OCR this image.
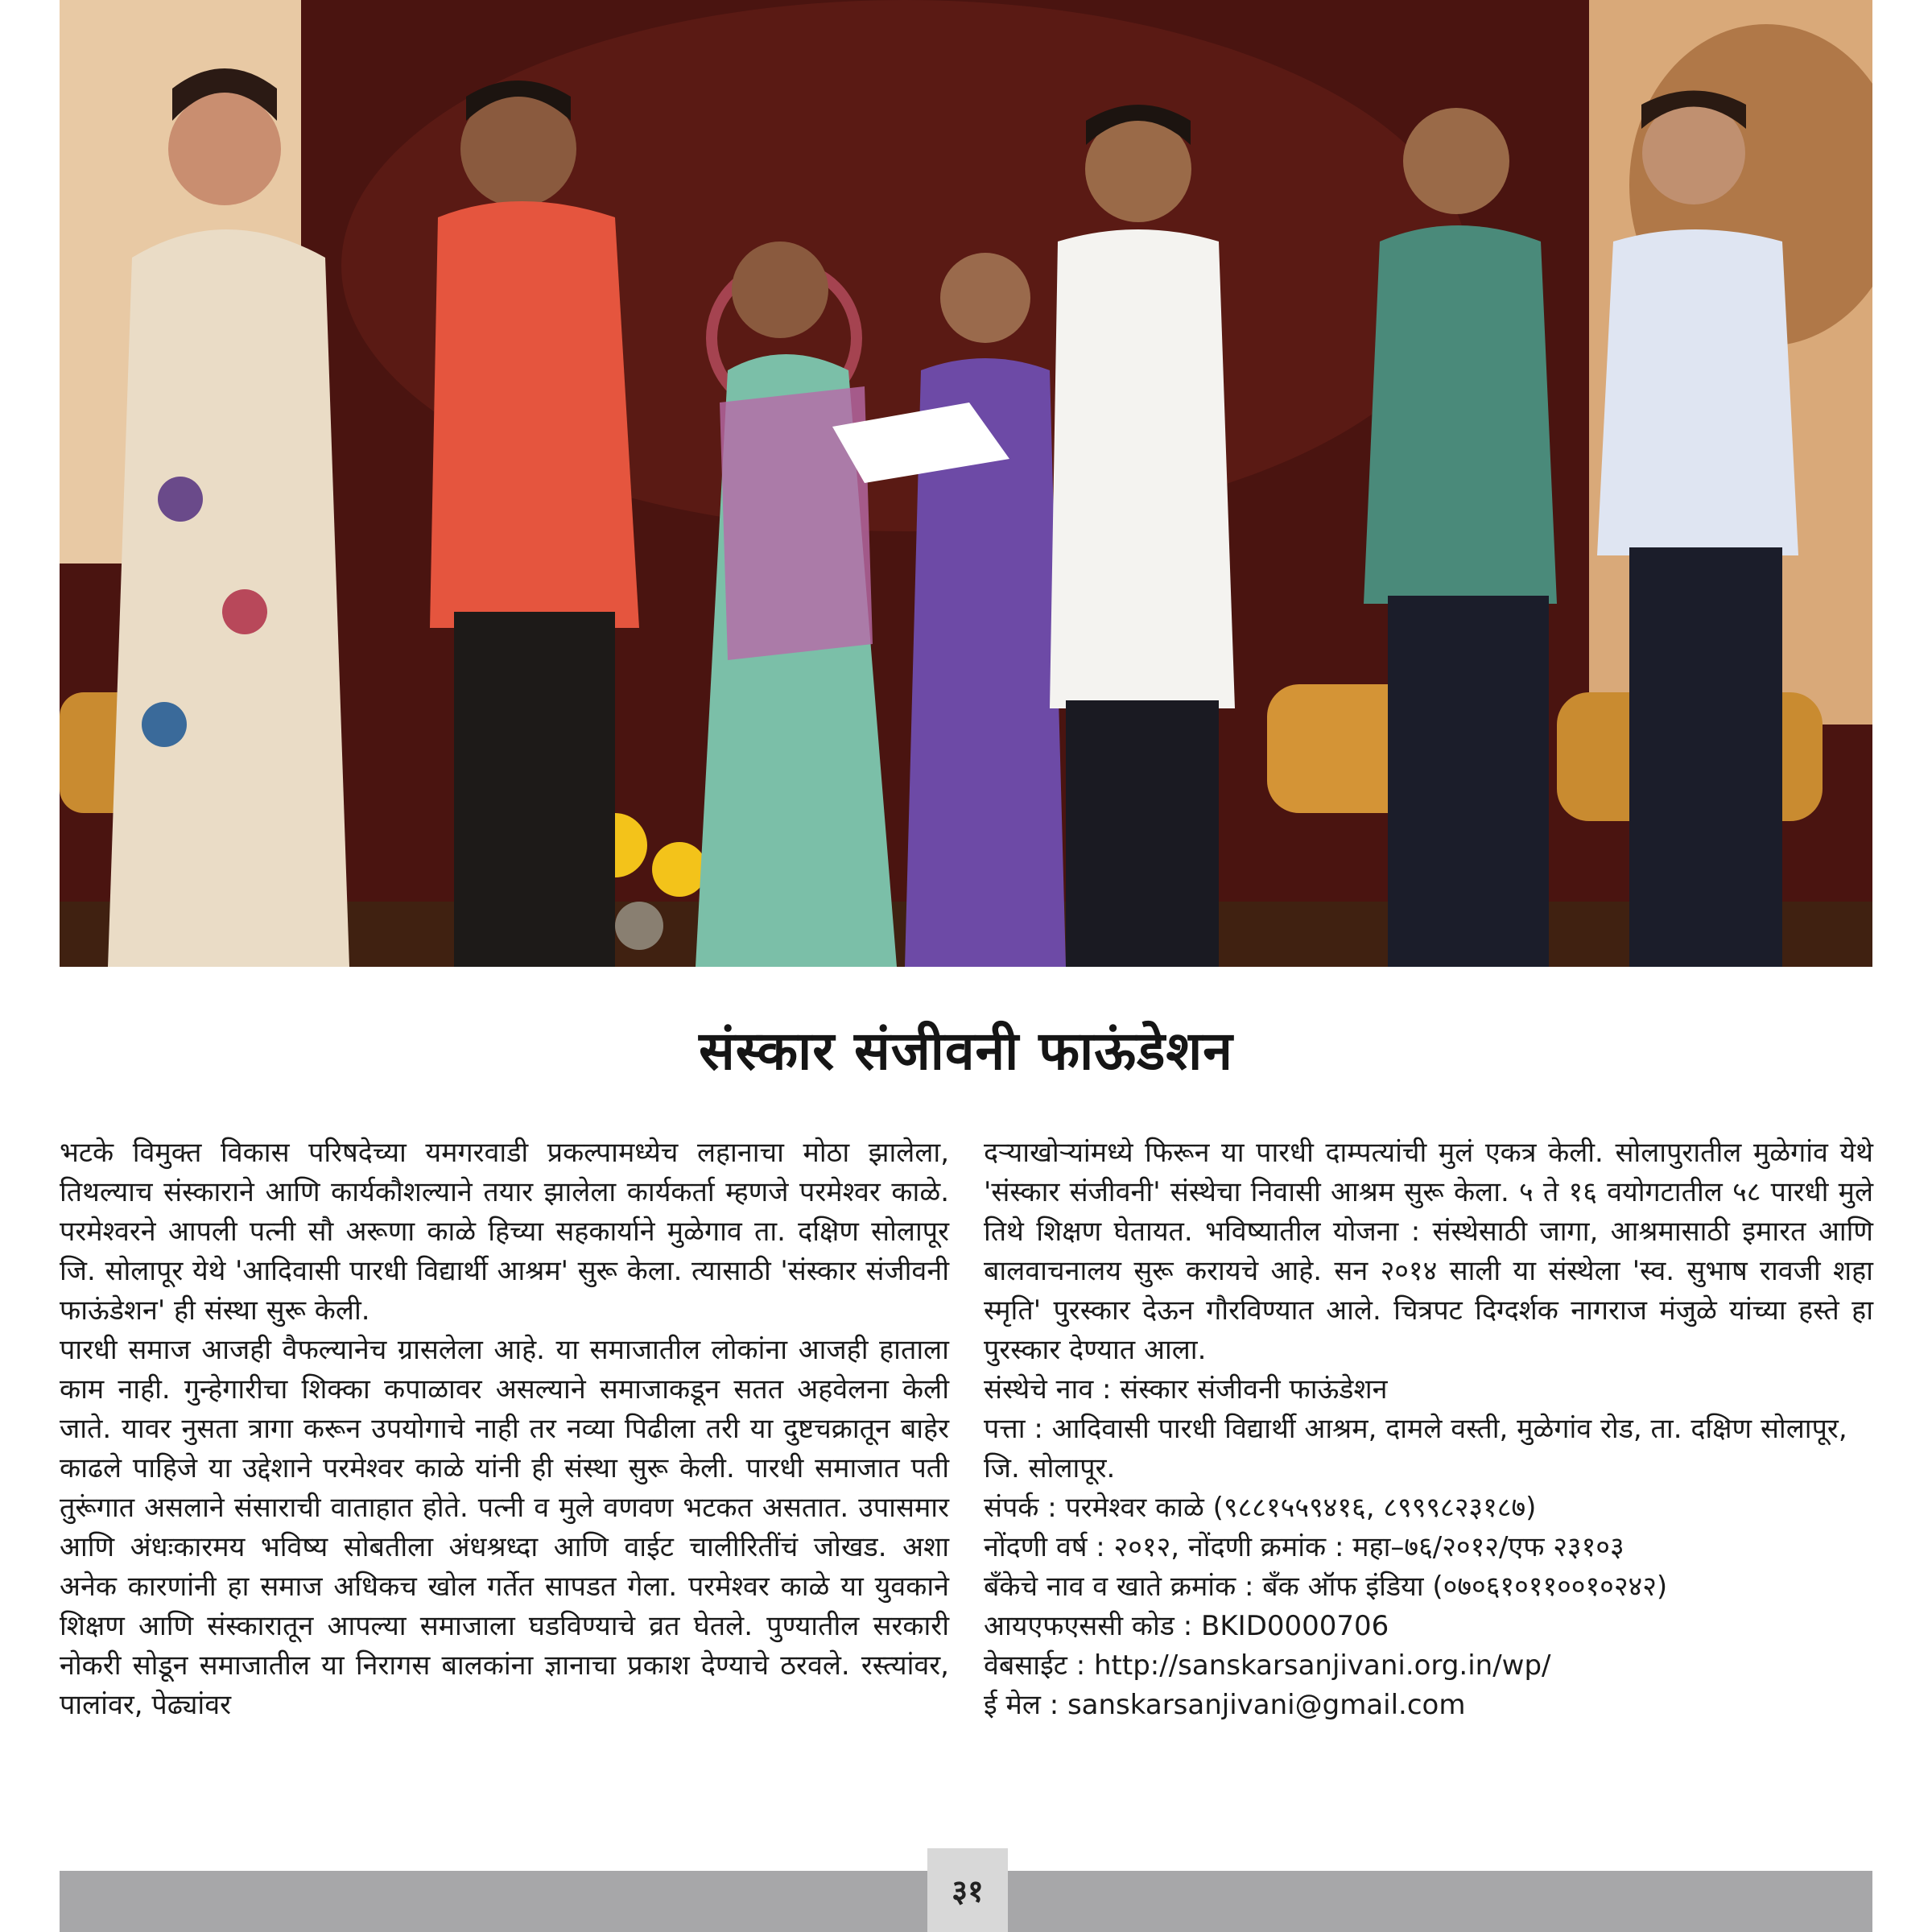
संस्कार संजीवनी फाऊंडेशन

भटके विमुक्त विकास परिषदेच्या यमगरवाडी प्रकल्पामध्येच लहानाचा मोठा झालेला, तिथल्याच संस्काराने आणि कार्यकौशल्याने तयार झालेला कार्यकर्ता म्हणजे परमेश्वर काळे. परमेश्वरने आपली पत्नी सौ अरूणा काळे हिच्या सहकार्याने मुळेगाव ता. दक्षिण सोलापूर जि. सोलापूर येथे 'आदिवासी पारधी विद्यार्थी आश्रम' सुरू केला. त्यासाठी 'संस्कार संजीवनी फाऊंडेशन' ही संस्था सुरू केली.

पारधी समाज आजही वैफल्यानेच ग्रासलेला आहे. या समाजातील लोकांना आजही हाताला काम नाही. गुन्हेगारीचा शिक्का कपाळावर असल्याने समाजाकडून सतत अहवेलना केली जाते. यावर नुसता त्रागा करून उपयोगाचे नाही तर नव्या पिढीला तरी या दुष्टचक्रातून बाहेर काढले पाहिजे या उद्देशाने परमेश्वर काळे यांनी ही संस्था सुरू केली. पारधी समाजात पती तुरूंगात असलाने संसाराची वाताहात होते. पत्नी व मुले वणवण भटकत असतात. उपासमार आणि अंधःकारमय भविष्य सोबतीला अंधश्रध्दा आणि वाईट चालीरितींचं जोखड. अशा अनेक कारणांनी हा समाज अधिकच खोल गर्तेत सापडत गेला. परमेश्वर काळे या युवकाने शिक्षण आणि संस्कारातून आपल्या समाजाला घडविण्याचे व्रत घेतले. पुण्यातील सरकारी नोकरी सोडून समाजातील या निरागस बालकांना ज्ञानाचा प्रकाश देण्याचे ठरवले. रस्त्यांवर, पालांवर, पेढ्यांवर

दऱ्याखोऱ्यांमध्ये फिरून या पारधी दाम्पत्यांची मुलं एकत्र केली. सोलापुरातील मुळेगांव येथे 'संस्कार संजीवनी' संस्थेचा निवासी आश्रम सुरू केला. ५ ते १६ वयोगटातील ५८ पारधी मुले तिथे शिक्षण घेतायत. भविष्यातील योजना : संस्थेसाठी जागा, आश्रमासाठी इमारत आणि बालवाचनालय सुरू करायचे आहे. सन २०१४ साली या संस्थेला 'स्व. सुभाष रावजी शहा स्मृति' पुरस्कार देऊन गौरविण्यात आले. चित्रपट दिग्दर्शक नागराज मंजुळे यांच्या हस्ते हा पुरस्कार देण्यात आला.

संस्थेचे नाव : संस्कार संजीवनी फाऊंडेशन

पत्ता : आदिवासी पारधी विद्यार्थी आश्रम, दामले वस्ती, मुळेगांव रोड, ता. दक्षिण सोलापूर, जि. सोलापूर.

संपर्क : परमेश्वर काळे (९८८१५५९४१६, ८९९९८२३१८७)

नोंदणी वर्ष : २०१२, नोंदणी क्रमांक : महा–७६/२०१२/एफ २३१०३

बँकेचे नाव व खाते क्रमांक : बँक ऑफ इंडिया (०७०६१०११००१०२४२)

आयएफएससी कोड : BKID0000706

वेबसाईट : http://sanskarsanjivani.org.in/wp/

ई मेल : sanskarsanjivani@gmail.com

३१
